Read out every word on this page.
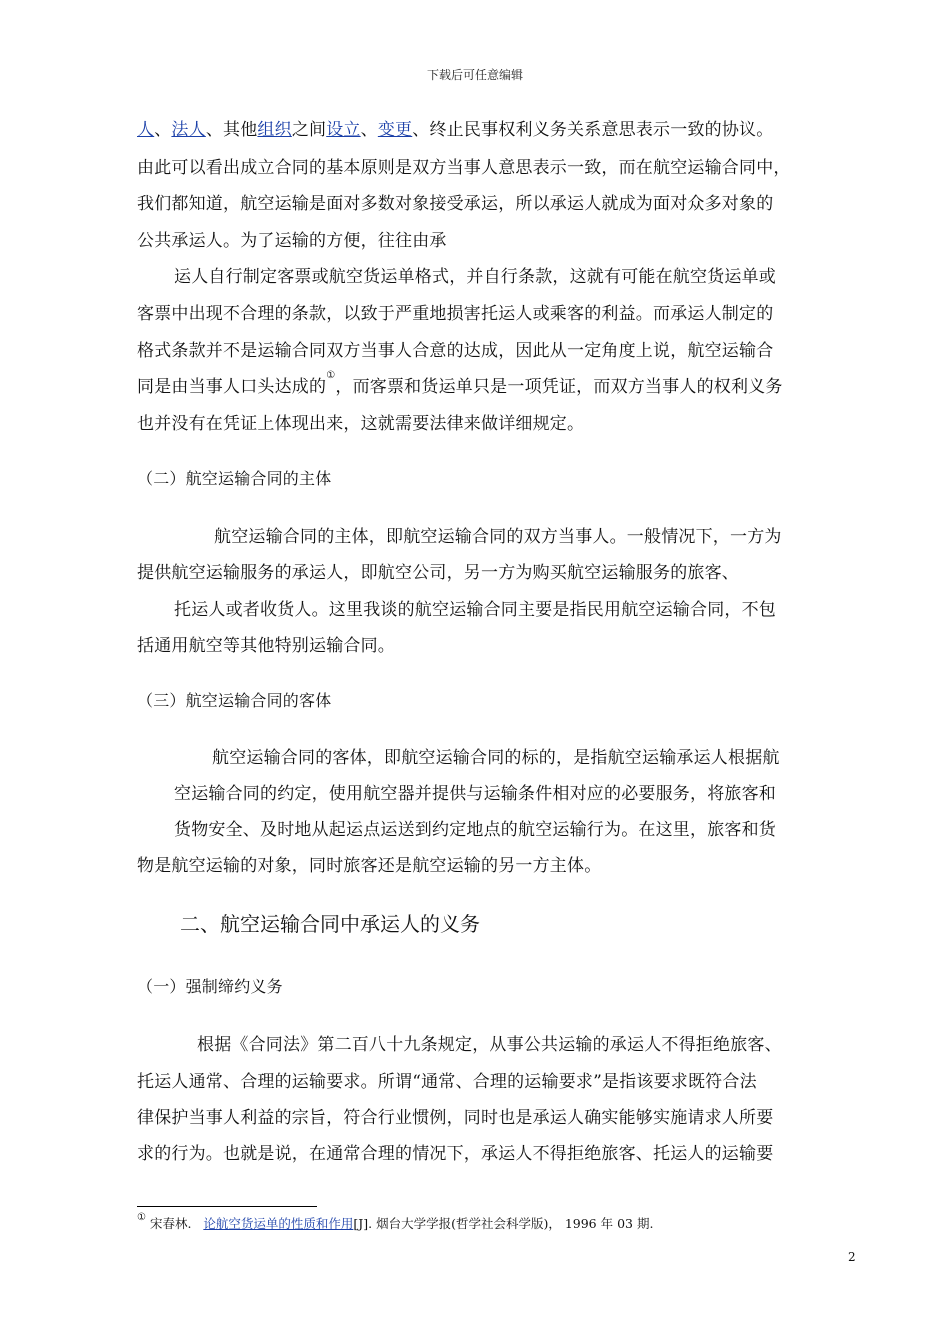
下载后可任意编辑
人、法人、其他组织之间设立、变更、终止民事权利义务关系意思表示一致的协议。
由此可以看出成立合同的基本原则是双方当事人意思表示一致，而在航空运输合同中，
我们都知道，航空运输是面对多数对象接受承运，所以承运人就成为面对众多对象的
公共承运人。为了运输的方便，往往由承
运人自行制定客票或航空货运单格式，并自行条款，这就有可能在航空货运单或
客票中出现不合理的条款，以致于严重地损害托运人或乘客的利益。而承运人制定的
格式条款并不是运输合同双方当事人合意的达成，因此从一定角度上说，航空运输合
同是由当事人口头达成的①，而客票和货运单只是一项凭证，而双方当事人的权利义务
也并没有在凭证上体现出来，这就需要法律来做详细规定。
（二）航空运输合同的主体
航空运输合同的主体，即航空运输合同的双方当事人。一般情况下，一方为
提供航空运输服务的承运人，即航空公司，另一方为购买航空运输服务的旅客、
托运人或者收货人。这里我谈的航空运输合同主要是指民用航空运输合同，不包
括通用航空等其他特别运输合同。
（三）航空运输合同的客体
航空运输合同的客体，即航空运输合同的标的，是指航空运输承运人根据航
空运输合同的约定，使用航空器并提供与运输条件相对应的必要服务，将旅客和
货物安全、及时地从起运点运送到约定地点的航空运输行为。在这里，旅客和货
物是航空运输的对象，同时旅客还是航空运输的另一方主体。
二、航空运输合同中承运人的义务
（一）强制缔约义务
根据《合同法》第二百八十九条规定，从事公共运输的承运人不得拒绝旅客、
托运人通常、合理的运输要求。所谓“通常、合理的运输要求”是指该要求既符合法
律保护当事人利益的宗旨，符合行业惯例，同时也是承运人确实能够实施请求人所要
求的行为。也就是说，在通常合理的情况下，承运人不得拒绝旅客、托运人的运输要
① 宋春林. 论航空货运单的性质和作用[J]. 烟台大学学报(哲学社会科学版)， 1996 年 03 期.
2
